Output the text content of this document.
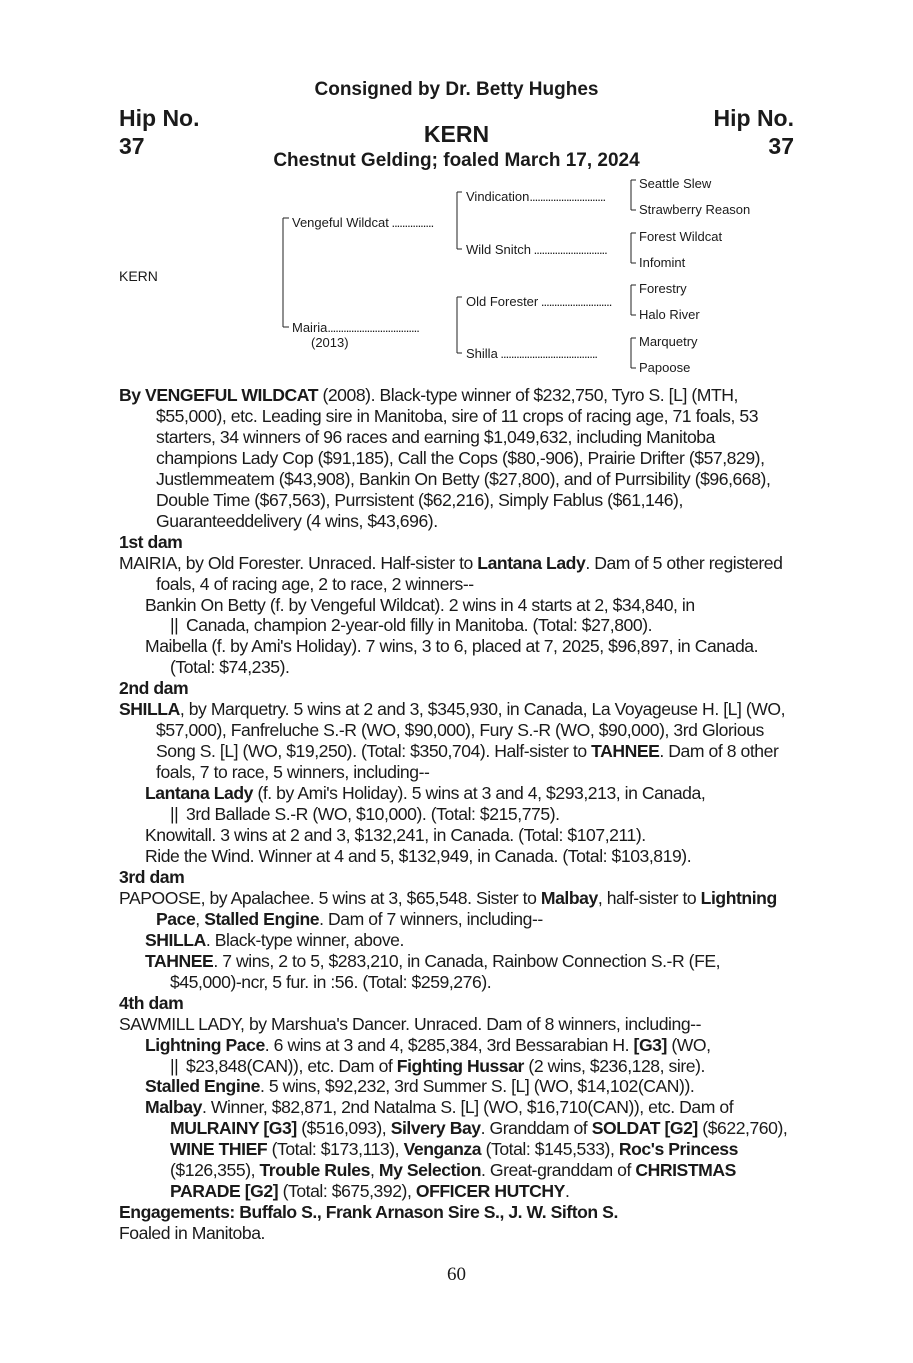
Consigned by Dr. Betty Hughes
Hip No.
37
Hip No.
37
KERN
Chestnut Gelding; foaled March 17, 2024
KERN
Vengeful Wildcat ................
Mairia...................................
(2013)
Vindication.............................
Wild Snitch ............................
Old Forester ...........................
Shilla .....................................
Seattle Slew
Strawberry Reason
Forest Wildcat
Infomint
Forestry
Halo River
Marquetry
Papoose

By VENGEFUL WILDCAT (2008). Black-type winner of $232,750, Tyro S. [L] (MTH, $55,000), etc. Leading sire in Manitoba, sire of 11 crops of racing age, 71 foals, 53 starters, 34 winners of 96 races and earning $1,049,632, including Manitoba champions Lady Cop ($91,185), Call the Cops ($80,-906), Prairie Drifter ($57,829), Justlemmeatem ($43,908), Bankin On Betty ($27,800), and of Purrsibility ($96,668), Double Time ($67,563), Purrsistent ($62,216), Simply Fablus ($61,146), Guaranteeddelivery (4 wins, $43,696).

1st dam

MAIRIA, by Old Forester. Unraced. Half-sister to Lantana Lady. Dam of 5 other registered foals, 4 of racing age, 2 to race, 2 winners--

Bankin On Betty (f. by Vengeful Wildcat). 2 wins in 4 starts at 2, $34,840, in
|| Canada, champion 2-year-old filly in Manitoba. (Total: $27,800).

Maibella (f. by Ami's Holiday). 7 wins, 3 to 6, placed at 7, 2025, $96,897, in Canada. (Total: $74,235).

2nd dam

SHILLA, by Marquetry. 5 wins at 2 and 3, $345,930, in Canada, La Voyageuse H. [L] (WO, $57,000), Fanfreluche S.-R (WO, $90,000), Fury S.-R (WO, $90,000), 3rd Glorious Song S. [L] (WO, $19,250). (Total: $350,704). Half-sister to TAHNEE. Dam of 8 other foals, 7 to race, 5 winners, including--

Lantana Lady (f. by Ami's Holiday). 5 wins at 3 and 4, $293,213, in Canada,
|| 3rd Ballade S.-R (WO, $10,000). (Total: $215,775).

Knowitall. 3 wins at 2 and 3, $132,241, in Canada. (Total: $107,211).

Ride the Wind. Winner at 4 and 5, $132,949, in Canada. (Total: $103,819).

3rd dam

PAPOOSE, by Apalachee. 5 wins at 3, $65,548. Sister to Malbay, half-sister to Lightning Pace, Stalled Engine. Dam of 7 winners, including--

SHILLA. Black-type winner, above.

TAHNEE. 7 wins, 2 to 5, $283,210, in Canada, Rainbow Connection S.-R (FE, $45,000)-ncr, 5 fur. in :56. (Total: $259,276).

4th dam

SAWMILL LADY, by Marshua's Dancer. Unraced. Dam of 8 winners, including--

Lightning Pace. 6 wins at 3 and 4, $285,384, 3rd Bessarabian H. [G3] (WO,
|| $23,848(CAN)), etc. Dam of Fighting Hussar (2 wins, $236,128, sire).

Stalled Engine. 5 wins, $92,232, 3rd Summer S. [L] (WO, $14,102(CAN)).

Malbay. Winner, $82,871, 2nd Natalma S. [L] (WO, $16,710(CAN)), etc. Dam of MULRAINY [G3] ($516,093), Silvery Bay. Granddam of SOLDAT [G2] ($622,760), WINE THIEF (Total: $173,113), Venganza (Total: $145,533), Roc's Princess ($126,355), Trouble Rules, My Selection. Great-granddam of CHRISTMAS PARADE [G2] (Total: $675,392), OFFICER HUTCHY.

Engagements: Buffalo S., Frank Arnason Sire S., J. W. Sifton S.

Foaled in Manitoba.

60
